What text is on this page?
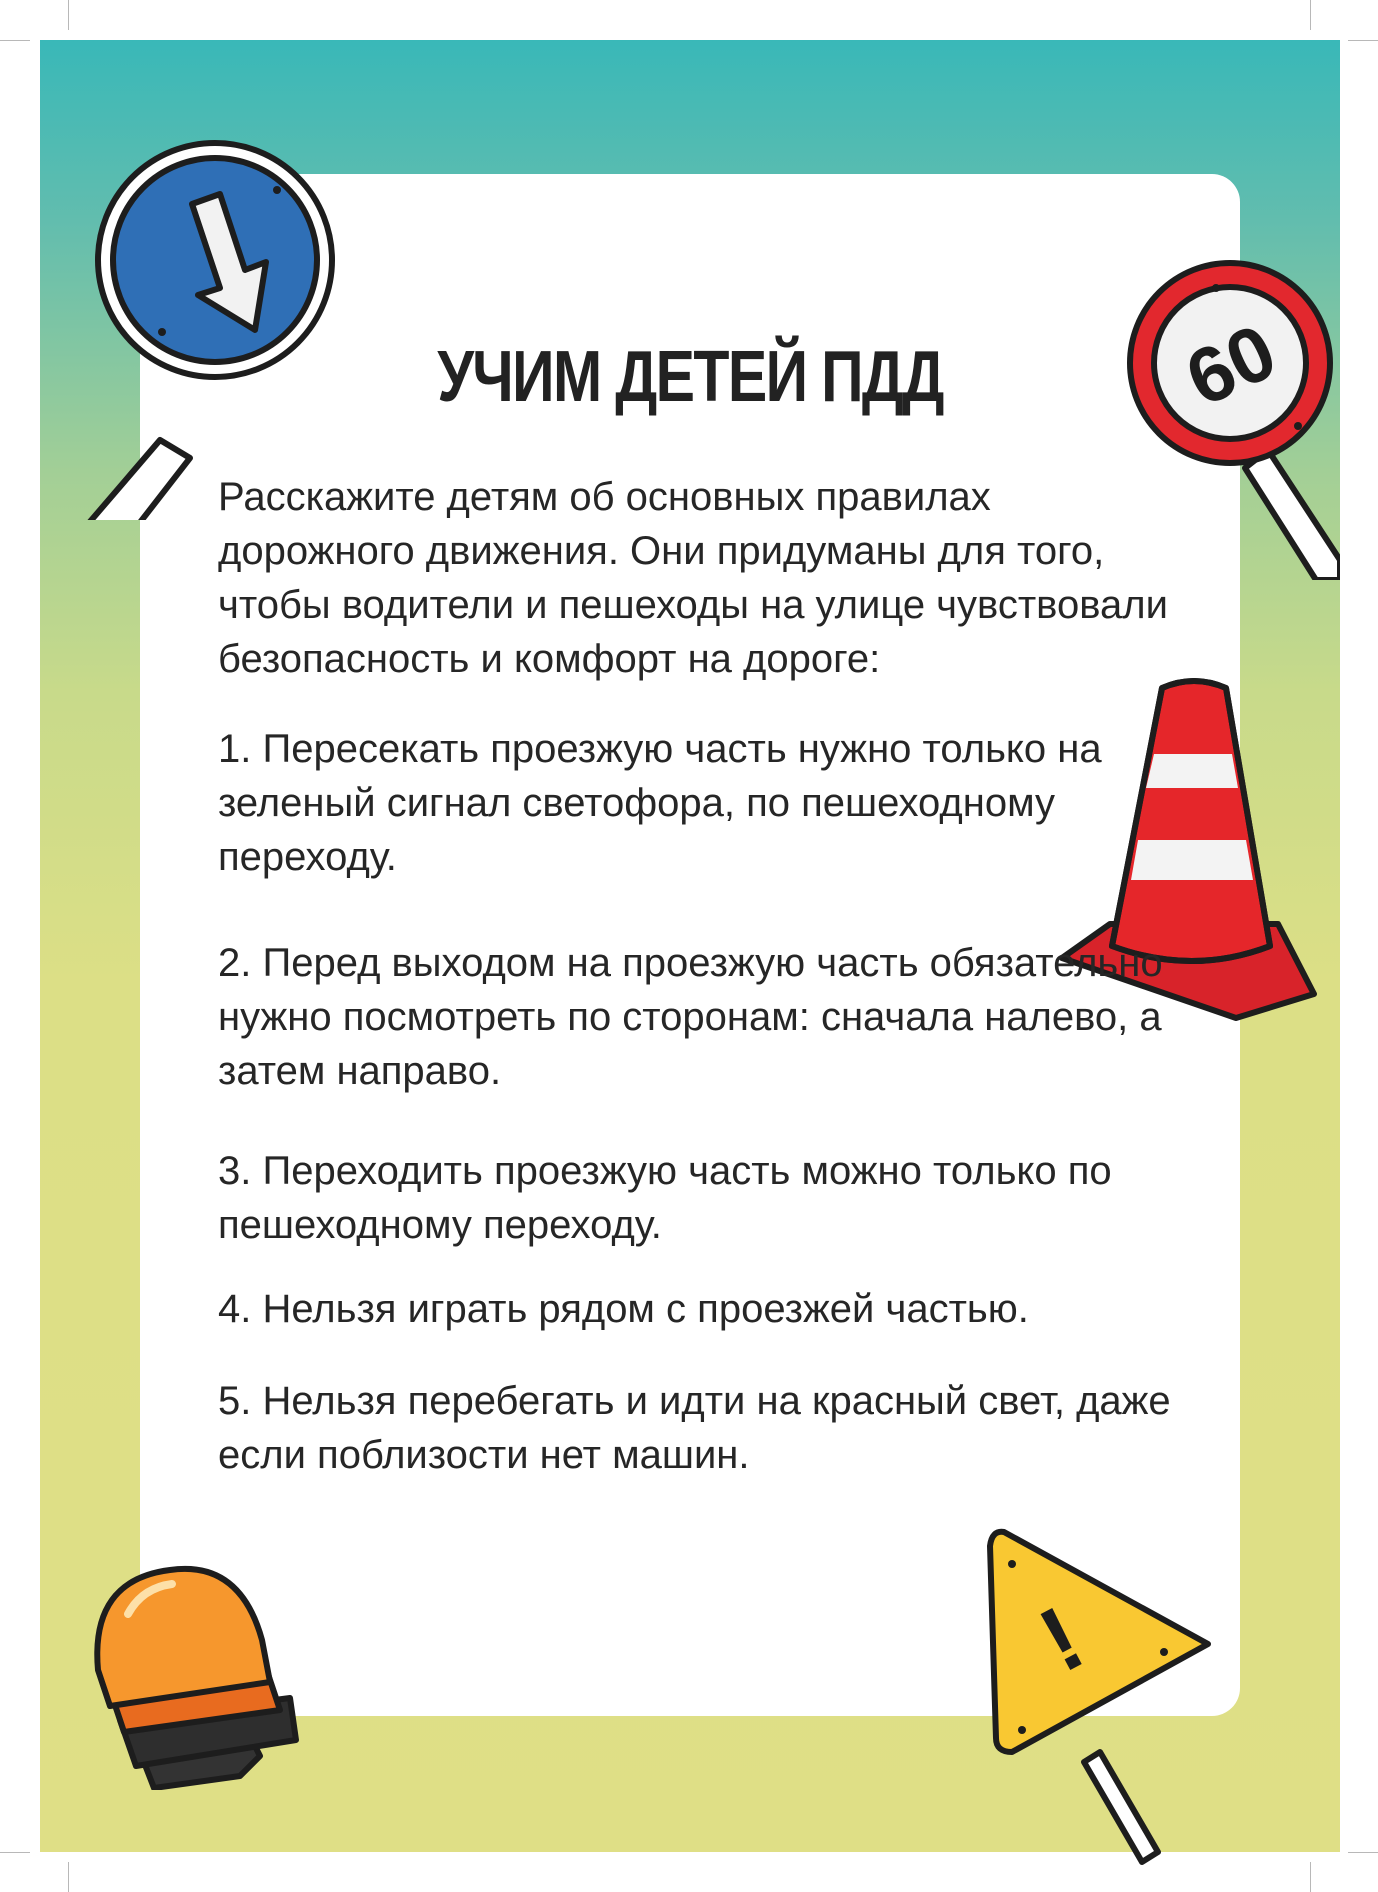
60
!
УЧИМ ДЕТЕЙ ПДД

Расскажите детям об основных правилах дорожного движения. Они придуманы для того, чтобы водители и пешеходы на улице чувствовали безопасность и комфорт на дороге:

1. Пересекать проезжую часть нужно только на зеленый сигнал светофора, по пешеходному переходу.

2. Перед выходом на проезжую часть обязательно нужно посмотреть по сторонам: сначала налево, а затем направо.

3. Переходить проезжую часть можно только по пешеходному переходу.

4. Нельзя играть рядом с проезжей частью.

5. Нельзя перебегать и идти на красный свет, даже если поблизости нет машин.
